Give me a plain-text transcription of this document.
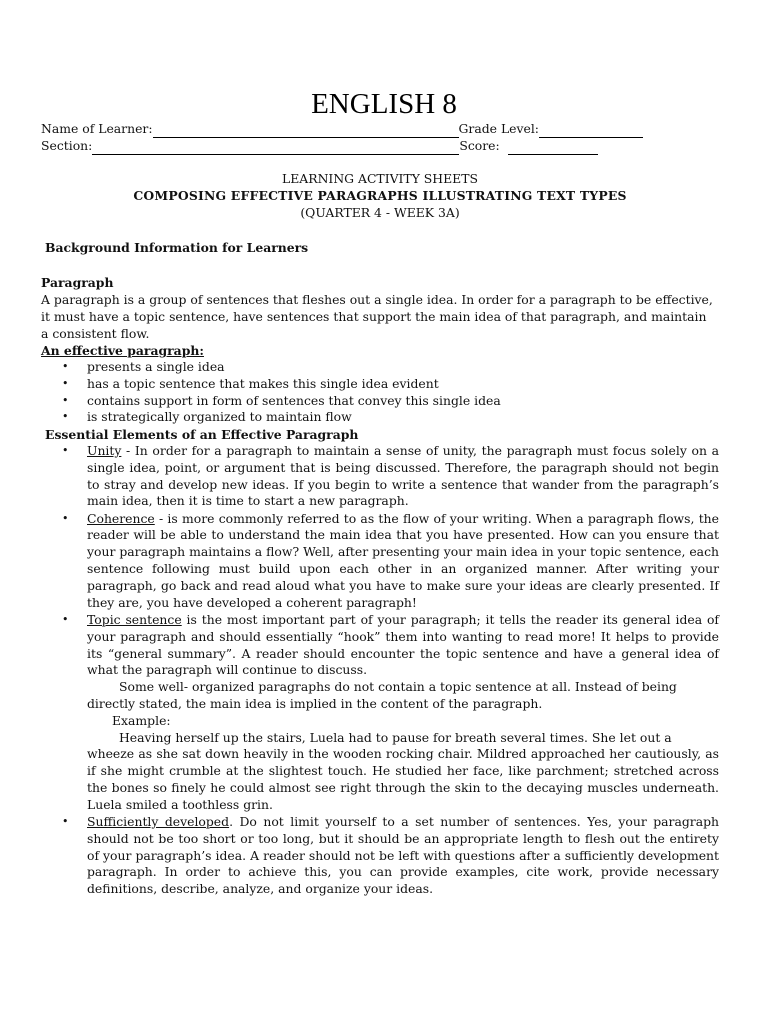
ENGLISH 8
Name of Learner:	Grade Level:
Section:	Score:
LEARNING ACTIVITY SHEETS
COMPOSING EFFECTIVE PARAGRAPHS ILLUSTRATING TEXT TYPES
(QUARTER 4 - WEEK 3A)
Background Information for Learners
Paragraph

A paragraph is a group of sentences that fleshes out a single idea. In order for a paragraph to be effective, it must have a topic sentence, have sentences that support the main idea of that paragraph, and maintain a consistent flow.

An effective paragraph:
• presents a single idea
• has a topic sentence that makes this single idea evident
• contains support in form of sentences that convey this single idea
• is strategically organized to maintain flow
Essential Elements of an Effective Paragraph
• Unity - In order for a paragraph to maintain a sense of unity, the paragraph must focus solely on a single idea, point, or argument that is being discussed. Therefore, the paragraph should not begin to stray and develop new ideas. If you begin to write a sentence that wander from the paragraph’s main idea, then it is time to start a new paragraph.
• Coherence - is more commonly referred to as the flow of your writing. When a paragraph flows, the reader will be able to understand the main idea that you have presented. How can you ensure that your paragraph maintains a flow? Well, after presenting your main idea in your topic sentence, each sentence following must build upon each other in an organized manner. After writing your paragraph, go back and read aloud what you have to make sure your ideas are clearly presented. If they are, you have developed a coherent paragraph!
• Topic sentence is the most important part of your paragraph; it tells the reader its general idea of your paragraph and should essentially “hook” them into wanting to read more! It helps to provide its “general summary”. A reader should encounter the topic sentence and have a general idea of what the paragraph will continue to discuss.

Some well- organized paragraphs do not contain a topic sentence at all. Instead of being directly stated, the main idea is implied in the content of the paragraph.

Example:

Heaving herself up the stairs, Luela had to pause for breath several times. She let out a

wheeze as she sat down heavily in the wooden rocking chair. Mildred approached her cautiously, as if she might crumble at the slightest touch. He studied her face, like parchment; stretched across the bones so finely he could almost see right through the skin to the decaying muscles underneath. Luela smiled a toothless grin.

• Sufficiently developed. Do not limit yourself to a set number of sentences. Yes, your paragraph should not be too short or too long, but it should be an appropriate length to flesh out the entirety of your paragraph’s idea. A reader should not be left with questions after a sufficiently development paragraph. In order to achieve this, you can provide examples, cite work, provide necessary definitions, describe, analyze, and organize your ideas.
